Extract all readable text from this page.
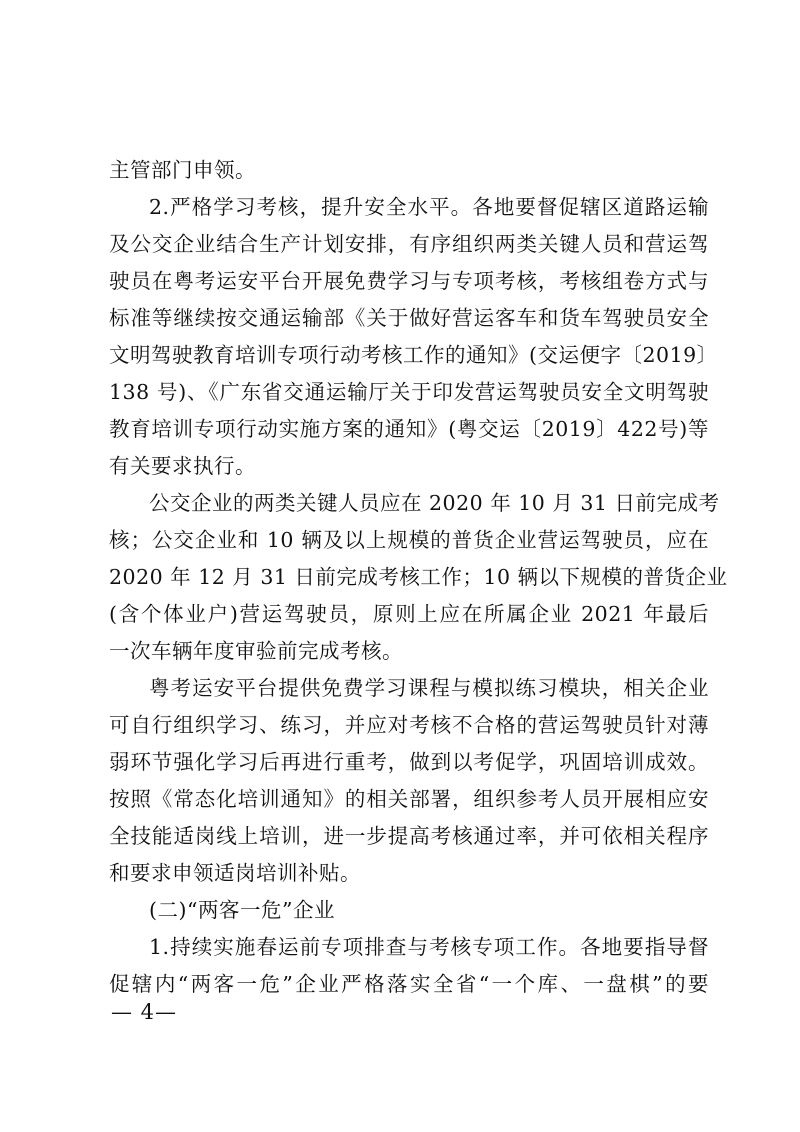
主管部门申领。
2.严格学习考核，提升安全水平。各地要督促辖区道路运输
及公交企业结合生产计划安排，有序组织两类关键人员和营运驾
驶员在粤考运安平台开展免费学习与专项考核，考核组卷方式与
标准等继续按交通运输部《关于做好营运客车和货车驾驶员安全
文明驾驶教育培训专项行动考核工作的通知》(交运便字〔2019〕
138 号)、《广东省交通运输厅关于印发营运驾驶员安全文明驾驶
教育培训专项行动实施方案的通知》(粤交运〔2019〕422号)等
有关要求执行。
公交企业的两类关键人员应在 2020 年 10 月 31 日前完成考
核；公交企业和 10 辆及以上规模的普货企业营运驾驶员，应在
2020 年 12 月 31 日前完成考核工作；10 辆以下规模的普货企业
(含个体业户)营运驾驶员，原则上应在所属企业 2021 年最后
一次车辆年度审验前完成考核。
粤考运安平台提供免费学习课程与模拟练习模块，相关企业
可自行组织学习、练习，并应对考核不合格的营运驾驶员针对薄
弱环节强化学习后再进行重考，做到以考促学，巩固培训成效。
按照《常态化培训通知》的相关部署，组织参考人员开展相应安
全技能适岗线上培训，进一步提高考核通过率，并可依相关程序
和要求申领适岗培训补贴。
(二)“两客一危”企业
1.持续实施春运前专项排查与考核专项工作。各地要指导督
促辖内“两客一危”企业严格落实全省“一个库、一盘棋”的要
— 4—
